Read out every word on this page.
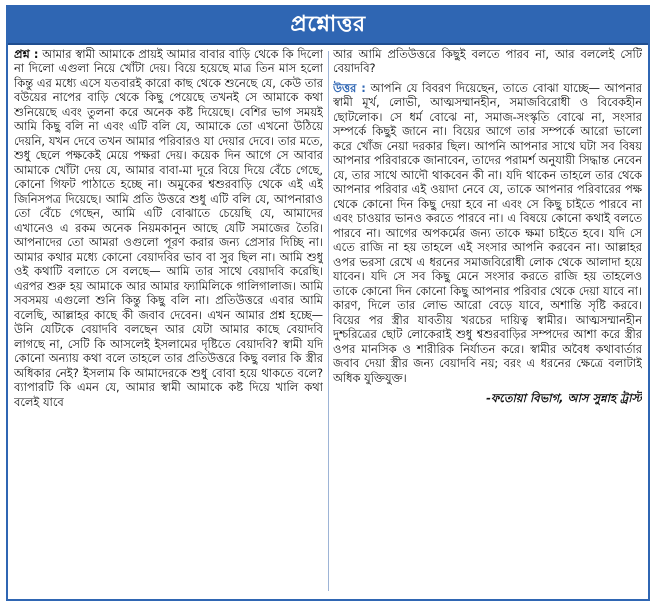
প্রশ্নোত্তর

প্রশ্ন : আমার স্বামী আমাকে প্রায়ই আমার বাবার বাড়ি থেকে কি দিলো না দিলো এগুলা নিয়ে খোঁটা দেয়। বিয়ে হয়েছে মাত্র তিন মাস হলো কিন্তু এর মধ্যে এসে যতবারই কারো কাছ থেকে শুনেছে যে, কেউ তার বউয়ের নাপের বাড়ি থেকে কিছু পেয়েছে তখনই সে আমাকে কথা শুনিয়েছে এবং তুলনা করে অনেক কষ্ট দিয়েছে। বেশির ভাগ সময়ই আমি কিছু বলি না এবং এটি বলি যে, আমাকে তো এখনো উঠিয়ে দেয়নি, যখন দেবে তখন আমার পরিবারও যা দেয়ার দেবে। তার মতে, শুধু ছেলে পক্ষকেই মেয়ে পক্ষরা দেয়। কয়েক দিন আগে সে আবার আমাকে খোঁটা দেয় যে, আমার বাবা-মা দূরে বিয়ে দিয়ে বেঁচে গেছে, কোনো গিফট পাঠাতে হচ্ছে না। অমুকের শ্বশুরবাড়ি থেকে এই এই জিনিসপত্র দিয়েছে। আমি প্রতি উত্তরে শুধু এটি বলি যে, আপনারাও তো বেঁচে গেছেন, আমি এটি বোঝাতে চেয়েছি যে, আমাদের এখানেও এ রকম অনেক নিয়মকানুন আছে যেটি সমাজের তৈরি। আপনাদের তো আমরা ওগুলো পূরণ করার জন্য প্রেসার দিচ্ছি না। আমার কথার মধ্যে কোনো বেয়াদবির ভাব বা সুর ছিল না। আমি শুধু ওই কথাটি বলাতে সে বলছে— আমি তার সাথে বেয়াদবি করেছি। এরপর শুরু হয় আমাকে আর আমার ফ্যামিলিকে গালিগালাজ। আমি সবসময় এগুলো শুনি কিন্তু কিছু বলি না। প্রতিউত্তরে এবার আমি বলেছি, আল্লাহর কাছে কী জবাব দেবেন। এখন আমার প্রশ্ন হচ্ছে— উনি যেটিকে বেয়াদবি বলছেন আর যেটা আমার কাছে বেয়াদবি লাগছে না, সেটি কি আসলেই ইসলামের দৃষ্টিতে বেয়াদবি? স্বামী যদি কোনো অন্যায় কথা বলে তাহলে তার প্রতিউত্তরে কিছু বলার কি স্ত্রীর অধিকার নেই? ইসলাম কি আমাদেরকে শুধু বোবা হয়ে থাকতে বলে? ব্যাপারটি কি এমন যে, আমার স্বামী আমাকে কষ্ট দিয়ে খালি কথা বলেই যাবে

আর আমি প্রতিউত্তরে কিছুই বলতে পারব না, আর বললেই সেটি বেয়াদবি?

উত্তর : আপনি যে বিবরণ দিয়েছেন, তাতে বোঝা যাচ্ছে— আপনার স্বামী মূর্খ, লোভী, আত্মসম্মানহীন, সমাজবিরোধী ও বিবেকহীন ছোটলোক। সে ধর্ম বোঝে না, সমাজ-সংস্কৃতি বোঝে না, সংসার সম্পর্কে কিছুই জানে না। বিয়ের আগে তার সম্পর্কে আরো ভালো করে খোঁজ নেয়া দরকার ছিল। আপনি আপনার সাথে ঘটা সব বিষয় আপনার পরিবারকে জানাবেন, তাদের পরামর্শ অনুযায়ী সিদ্ধান্ত নেবেন যে, তার সাথে আদৌ থাকবেন কী না। যদি থাকেন তাহলে তার থেকে আপনার পরিবার এই ওয়াদা নেবে যে, তাকে আপনার পরিবারের পক্ষ থেকে কোনো দিন কিছু দেয়া হবে না এবং সে কিছু চাইতে পারবে না এবং চাওয়ার ভানও করতে পারবে না। এ বিষয়ে কোনো কথাই বলতে পারবে না। আগের অপকর্মের জন্য তাকে ক্ষমা চাইতে হবে। যদি সে এতে রাজি না হয় তাহলে এই সংসার আপনি করবেন না। আল্লাহর ওপর ভরসা রেখে এ ধরনের সমাজবিরোধী লোক থেকে আলাদা হয়ে যাবেন। যদি সে সব কিছু মেনে সংসার করতে রাজি হয় তাহলেও তাকে কোনো দিন কোনো কিছু আপনার পরিবার থেকে দেয়া যাবে না। কারণ, দিলে তার লোভ আরো বেড়ে যাবে, অশান্তি সৃষ্টি করবে। বিয়ের পর স্ত্রীর যাবতীয় খরচের দায়িত্ব স্বামীর। আত্মসম্মানহীন দুশ্চরিত্রের ছোট লোকেরাই শুধু শ্বশুরবাড়ির সম্পদের আশা করে স্ত্রীর ওপর মানসিক ও শারীরিক নির্যাতন করে। স্বামীর অবৈধ কথাবার্তার জবাব দেয়া স্ত্রীর জন্য বেয়াদবি নয়; বরং এ ধরনের ক্ষেত্রে বলাটাই অধিক যুক্তিযুক্ত।

-ফতোয়া বিভাগ, আস সুন্নাহ ট্রাস্ট
